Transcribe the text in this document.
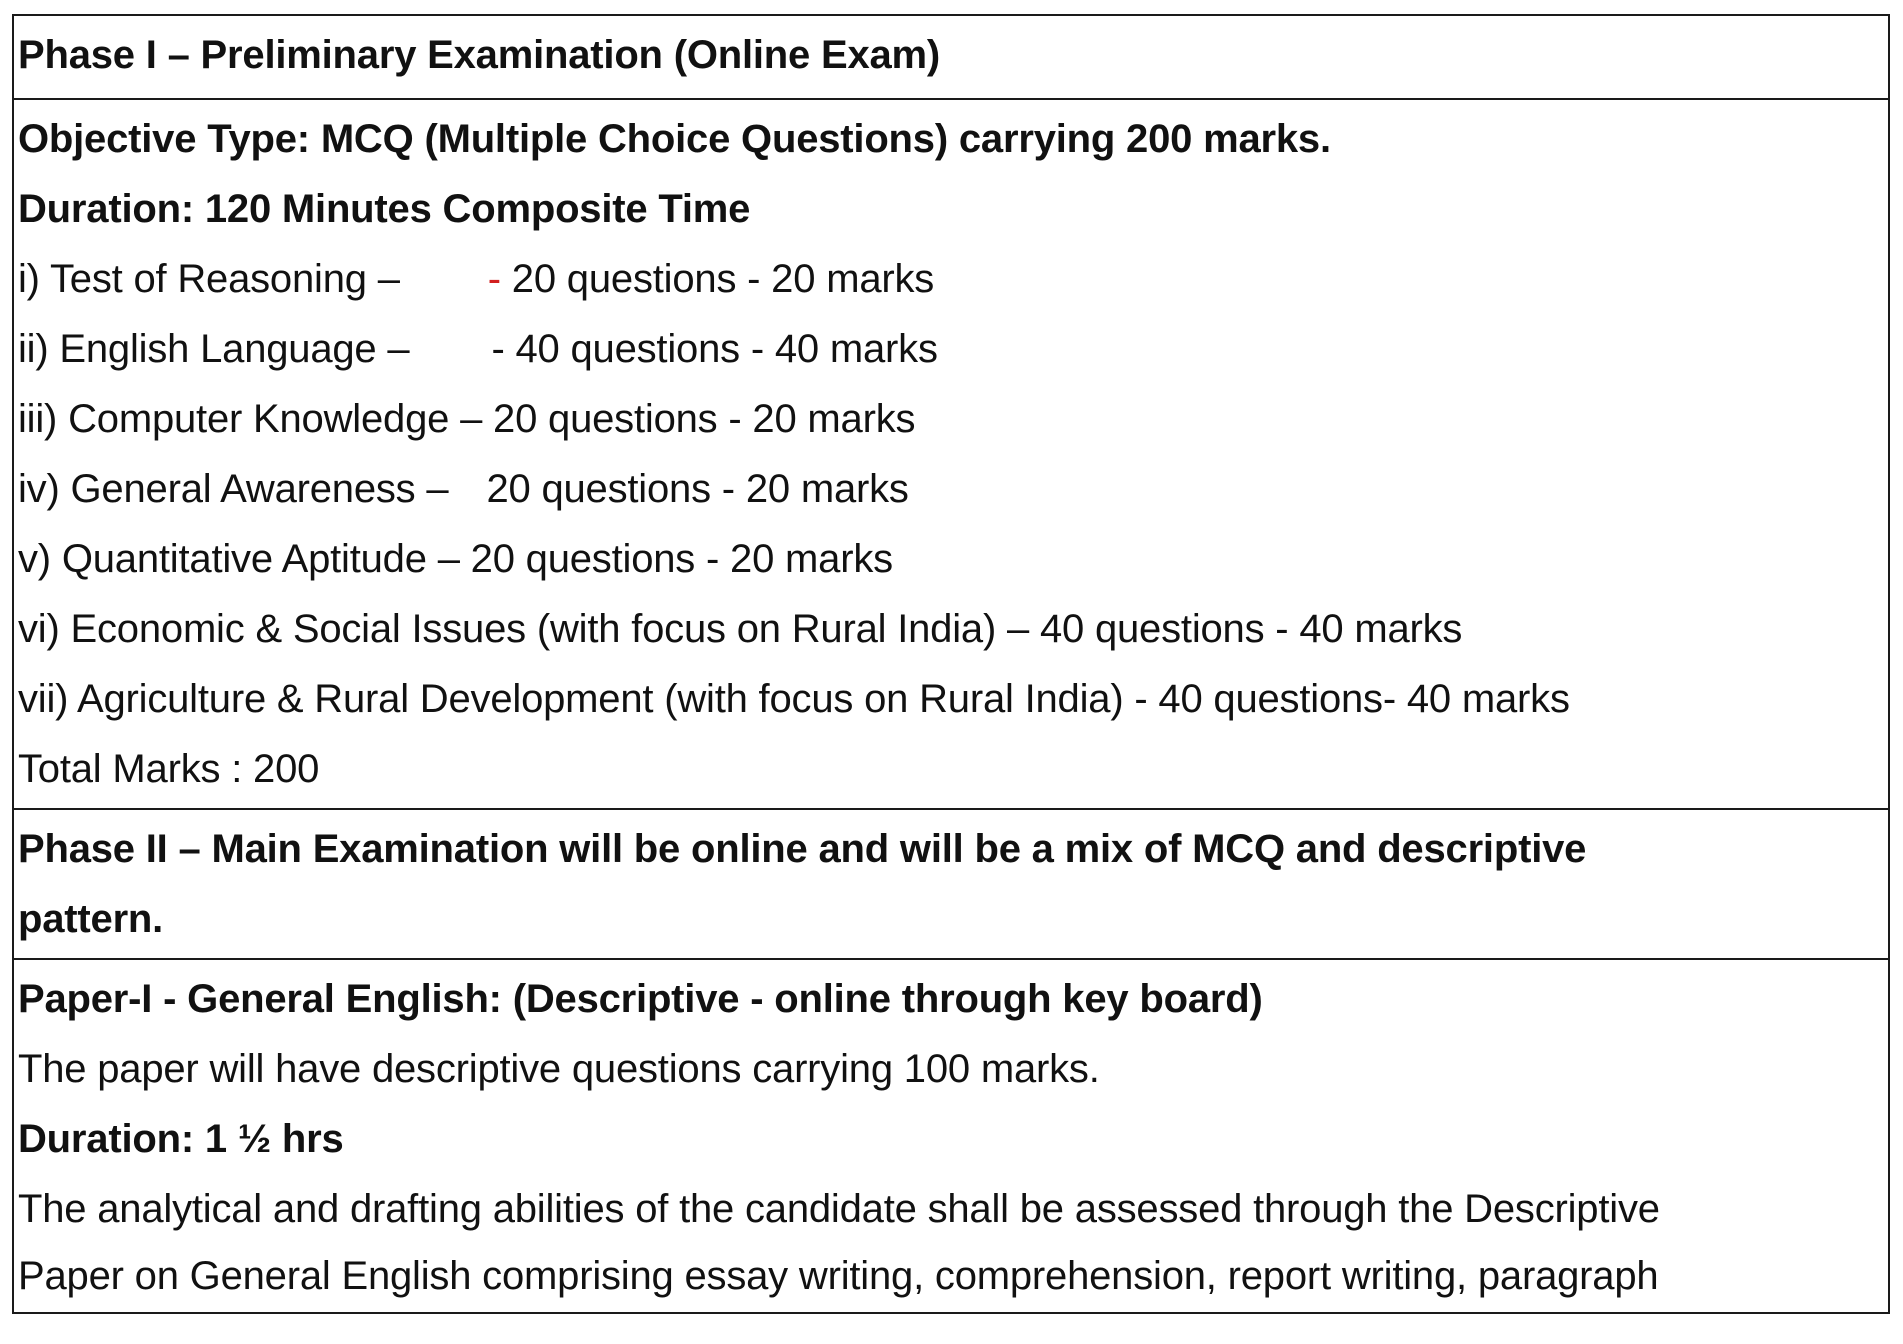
Phase I – Preliminary Examination (Online Exam)
Objective Type: MCQ (Multiple Choice Questions) carrying 200 marks.
Duration: 120 Minutes Composite Time
i) Test of Reasoning – - 20 questions - 20 marks
ii) English Language – - 40 questions - 40 marks
iii) Computer Knowledge – 20 questions - 20 marks
iv) General Awareness – 20 questions - 20 marks
v) Quantitative Aptitude – 20 questions - 20 marks
vi) Economic & Social Issues (with focus on Rural India) – 40 questions - 40 marks
vii) Agriculture & Rural Development (with focus on Rural India) - 40 questions- 40 marks
Total Marks : 200
Phase II – Main Examination will be online and will be a mix of MCQ and descriptive
pattern.
Paper-I - General English: (Descriptive - online through key board)
The paper will have descriptive questions carrying 100 marks.
Duration: 1 ½ hrs
The analytical and drafting abilities of the candidate shall be assessed through the Descriptive
Paper on General English comprising essay writing, comprehension, report writing, paragraph
